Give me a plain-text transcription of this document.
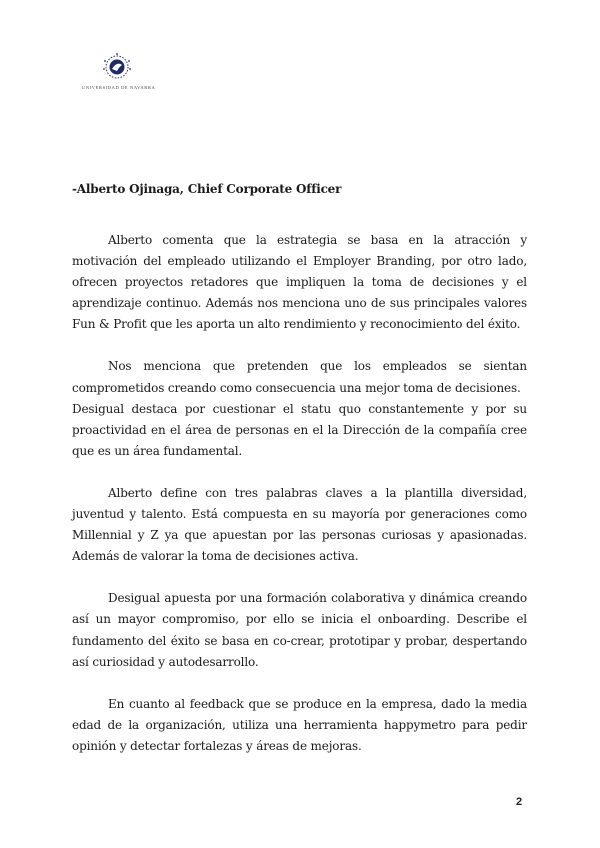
UNIVERSIDAD DE NAVARRA
-Alberto Ojinaga, Chief Corporate Officer

Alberto comenta que la estrategia se basa en la atracción y motivación del empleado utilizando el Employer Branding, por otro lado, ofrecen proyectos retadores que impliquen la toma de decisiones y el aprendizaje continuo. Además nos menciona uno de sus principales valores Fun & Profit que les aporta un alto rendimiento y reconocimiento del éxito.

Nos menciona que pretenden que los empleados se sientan comprometidos creando como consecuencia una mejor toma de decisiones.

Desigual destaca por cuestionar el statu quo constantemente y por su proactividad en el área de personas en el la Dirección de la compañía cree que es un área fundamental.

Alberto define con tres palabras claves a la plantilla diversidad, juventud y talento. Está compuesta en su mayoría por generaciones como Millennial y Z ya que apuestan por las personas curiosas y apasionadas. Además de valorar la toma de decisiones activa.

Desigual apuesta por una formación colaborativa y dinámica creando así un mayor compromiso, por ello se inicia el onboarding. Describe el fundamento del éxito se basa en co-crear, prototipar y probar, despertando así curiosidad y autodesarrollo.

En cuanto al feedback que se produce en la empresa, dado la media edad de la organización, utiliza una herramienta happymetro para pedir opinión y detectar fortalezas y áreas de mejoras.

2
